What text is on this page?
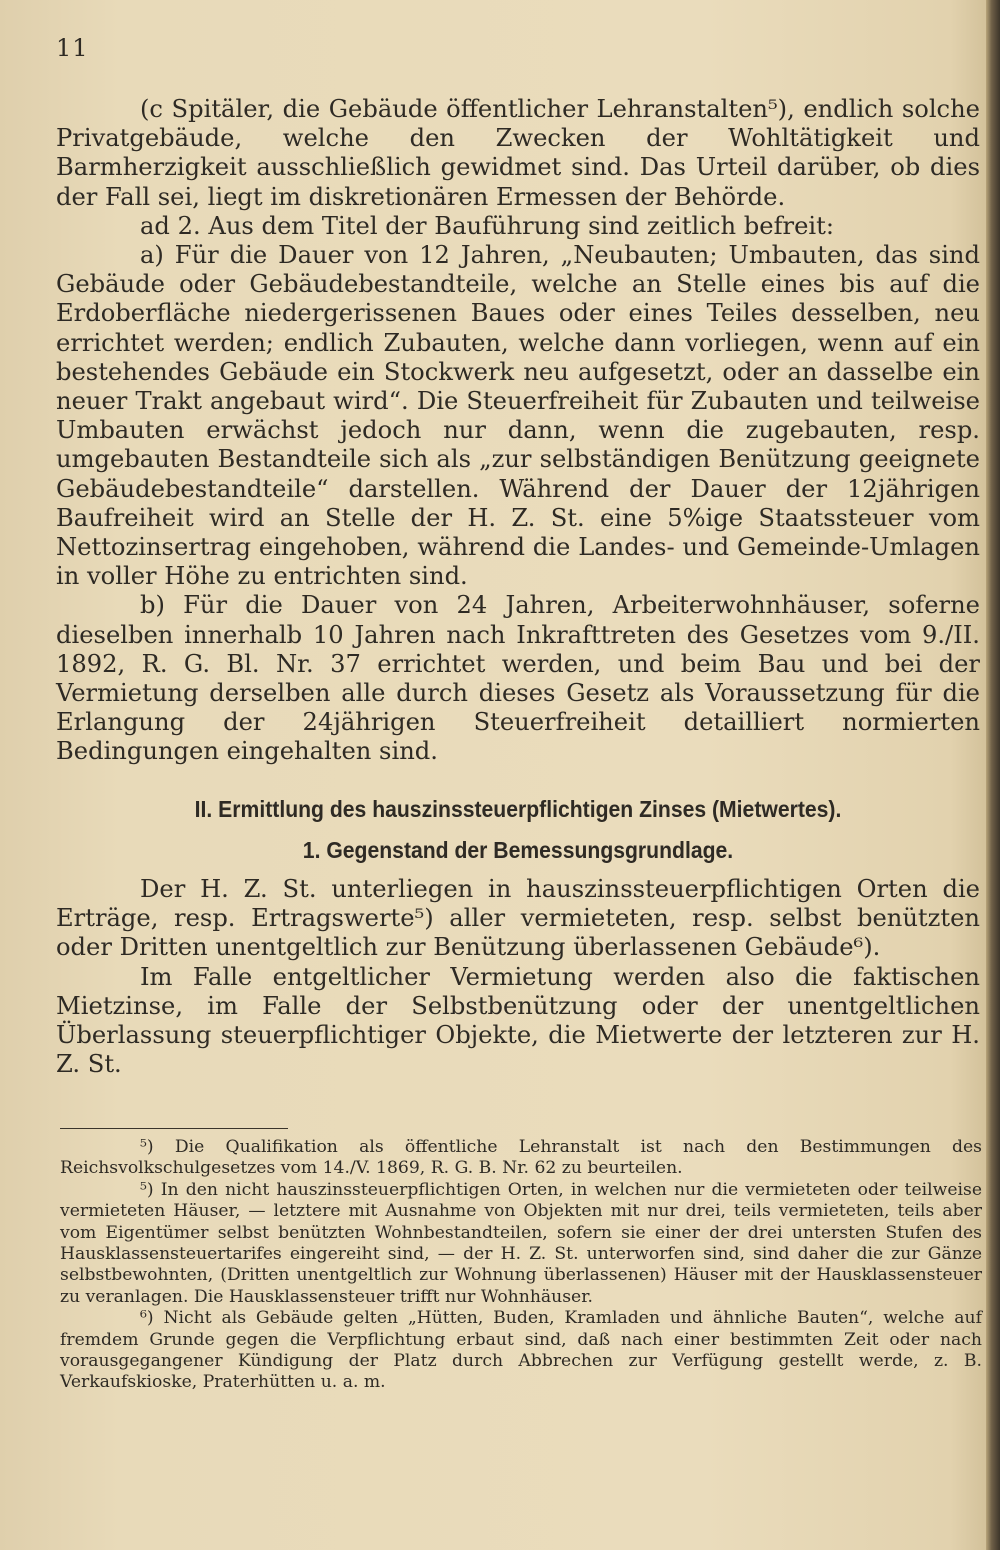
11

(c Spitäler, die Gebäude öffentlicher Lehranstalten⁵), endlich solche Privatgebäude, welche den Zwecken der Wohltätigkeit und Barmherzigkeit ausschließlich gewidmet sind. Das Urteil darüber, ob dies der Fall sei, liegt im diskretionären Ermessen der Behörde.

ad 2. Aus dem Titel der Bauführung sind zeitlich befreit:

a) Für die Dauer von 12 Jahren, „Neubauten; Umbauten, das sind Gebäude oder Gebäudebestandteile, welche an Stelle eines bis auf die Erdoberfläche niedergerissenen Baues oder eines Teiles desselben, neu errichtet werden; endlich Zubauten, welche dann vorliegen, wenn auf ein bestehendes Gebäude ein Stockwerk neu aufgesetzt, oder an dasselbe ein neuer Trakt angebaut wird“. Die Steuerfreiheit für Zubauten und teilweise Umbauten erwächst jedoch nur dann, wenn die zugebauten, resp. umgebauten Bestandteile sich als „zur selbständigen Benützung geeignete Gebäudebestandteile“ darstellen. Während der Dauer der 12jährigen Baufreiheit wird an Stelle der H. Z. St. eine 5%ige Staatssteuer vom Nettozinsertrag eingehoben, während die Landes- und Gemeinde-Umlagen in voller Höhe zu entrichten sind.

b) Für die Dauer von 24 Jahren, Arbeiterwohnhäuser, soferne dieselben innerhalb 10 Jahren nach Inkrafttreten des Gesetzes vom 9./II. 1892, R. G. Bl. Nr. 37 errichtet werden, und beim Bau und bei der Vermietung derselben alle durch dieses Gesetz als Voraussetzung für die Erlangung der 24jährigen Steuerfreiheit detailliert normierten Bedingungen eingehalten sind.

II. Ermittlung des hauszinssteuerpflichtigen Zinses (Mietwertes).
1. Gegenstand der Bemessungsgrundlage.

Der H. Z. St. unterliegen in hauszinssteuerpflichtigen Orten die Erträge, resp. Ertragswerte⁵) aller vermieteten, resp. selbst benützten oder Dritten unentgeltlich zur Benützung überlassenen Gebäude⁶).

Im Falle entgeltlicher Vermietung werden also die faktischen Mietzinse, im Falle der Selbstbenützung oder der unentgeltlichen Überlassung steuerpflichtiger Objekte, die Mietwerte der letzteren zur H. Z. St.

⁵) Die Qualifikation als öffentliche Lehranstalt ist nach den Bestimmungen des Reichsvolkschulgesetzes vom 14./V. 1869, R. G. B. Nr. 62 zu beurteilen.

⁵) In den nicht hauszinssteuerpflichtigen Orten, in welchen nur die vermieteten oder teilweise vermieteten Häuser, — letztere mit Ausnahme von Objekten mit nur drei, teils vermieteten, teils aber vom Eigentümer selbst benützten Wohnbestandteilen, sofern sie einer der drei untersten Stufen des Hausklassensteuertarifes eingereiht sind, — der H. Z. St. unterworfen sind, sind daher die zur Gänze selbstbewohnten, (Dritten unentgeltlich zur Wohnung überlassenen) Häuser mit der Hausklassensteuer zu veranlagen. Die Hausklassensteuer trifft nur Wohnhäuser.

⁶) Nicht als Gebäude gelten „Hütten, Buden, Kramladen und ähnliche Bauten“, welche auf fremdem Grunde gegen die Verpflichtung erbaut sind, daß nach einer bestimmten Zeit oder nach vorausgegangener Kündigung der Platz durch Abbrechen zur Verfügung gestellt werde, z. B. Verkaufskioske, Praterhütten u. a. m.
